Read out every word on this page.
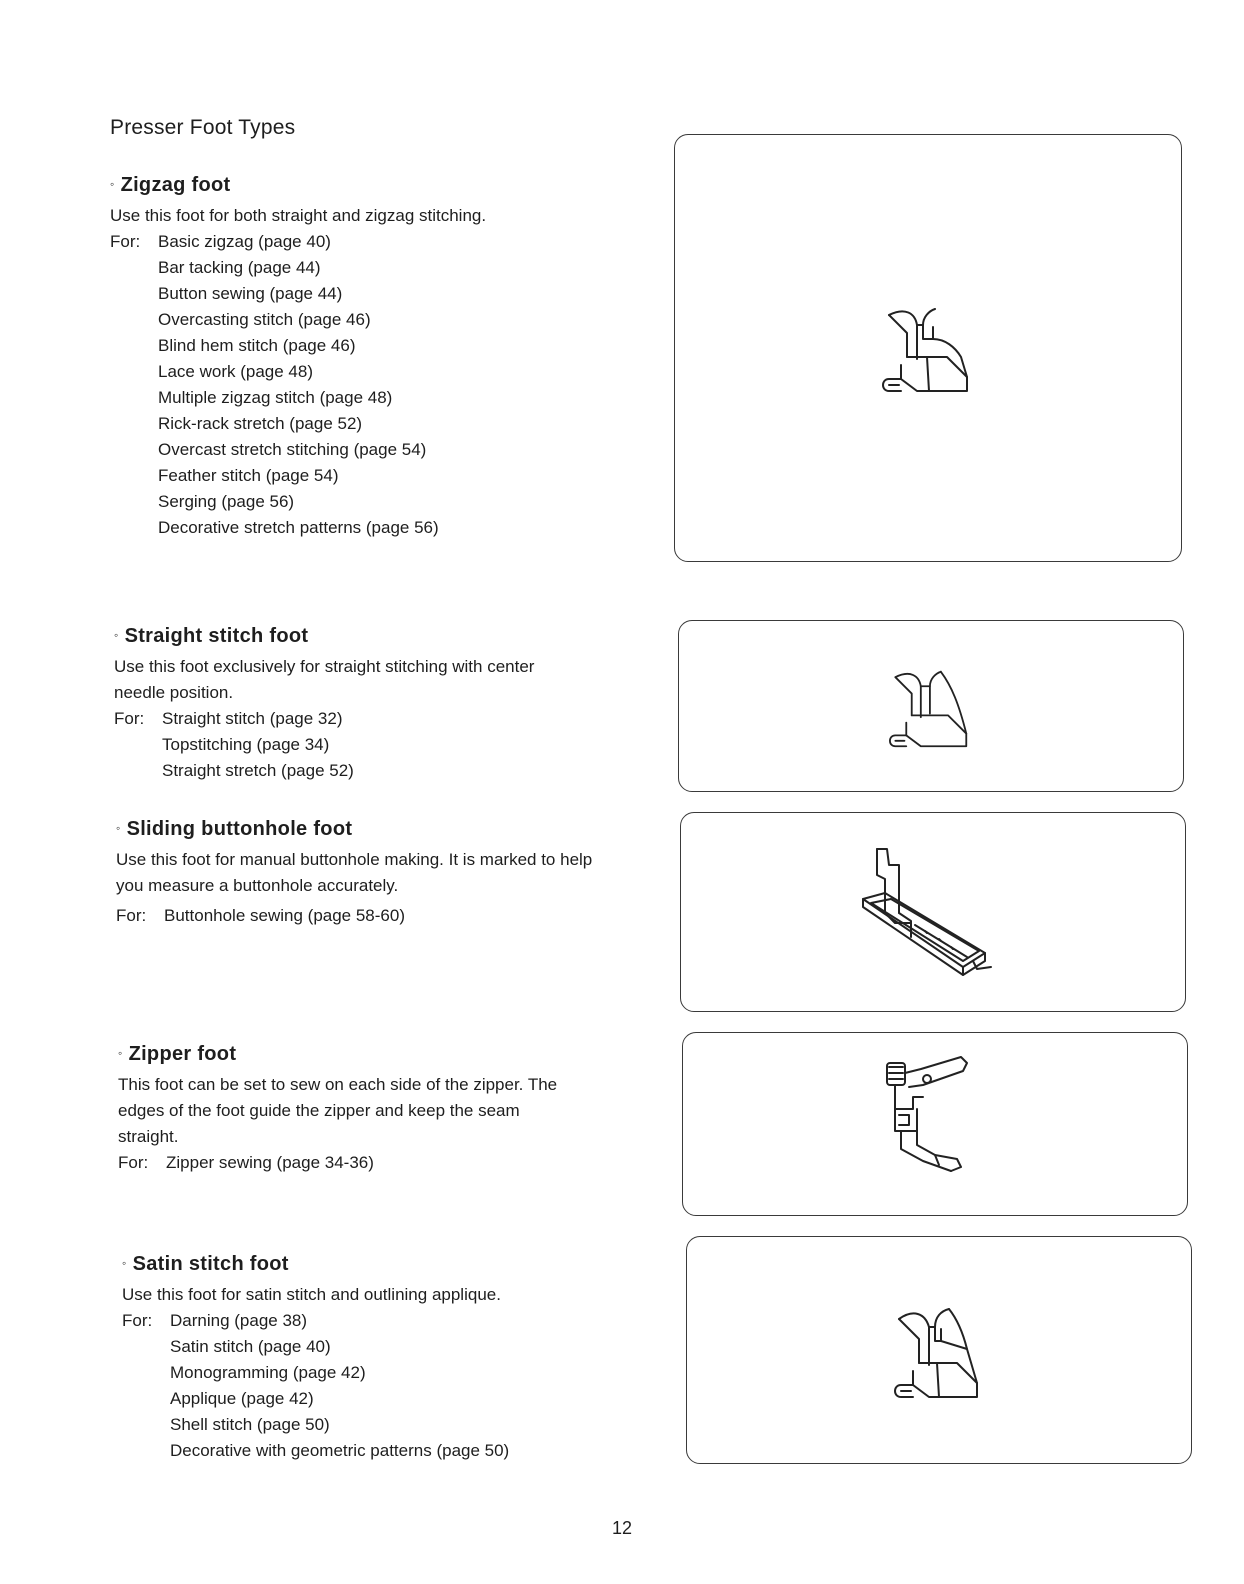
Presser Foot Types
◦ Zigzag foot

Use this foot for both straight and zigzag stitching.

For:	Basic zigzag (page 40)
Bar tacking (page 44)
Button sewing (page 44)
Overcasting stitch (page 46)
Blind hem stitch (page 46)
Lace work (page 48)
Multiple zigzag stitch (page 48)
Rick-rack stretch (page 52)
Overcast stretch stitching (page 54)
Feather stitch (page 54)
Serging (page 56)
Decorative stretch patterns (page 56)
◦ Straight stitch foot

Use this foot exclusively for straight stitching with center needle position.

For:	Straight stitch (page 32)
Topstitching (page 34)
Straight stretch (page 52)
◦ Sliding buttonhole foot

Use this foot for manual buttonhole making. It is marked to help you measure a buttonhole accurately.

For:	Buttonhole sewing (page 58-60)
◦ Zipper foot

This foot can be set to sew on each side of the zipper. The edges of the foot guide the zipper and keep the seam straight.

For:	Zipper sewing (page 34-36)
◦ Satin stitch foot

Use this foot for satin stitch and outlining applique.

For:	Darning (page 38)
Satin stitch (page 40)
Monogramming (page 42)
Applique (page 42)
Shell stitch (page 50)
Decorative with geometric patterns (page 50)
12
